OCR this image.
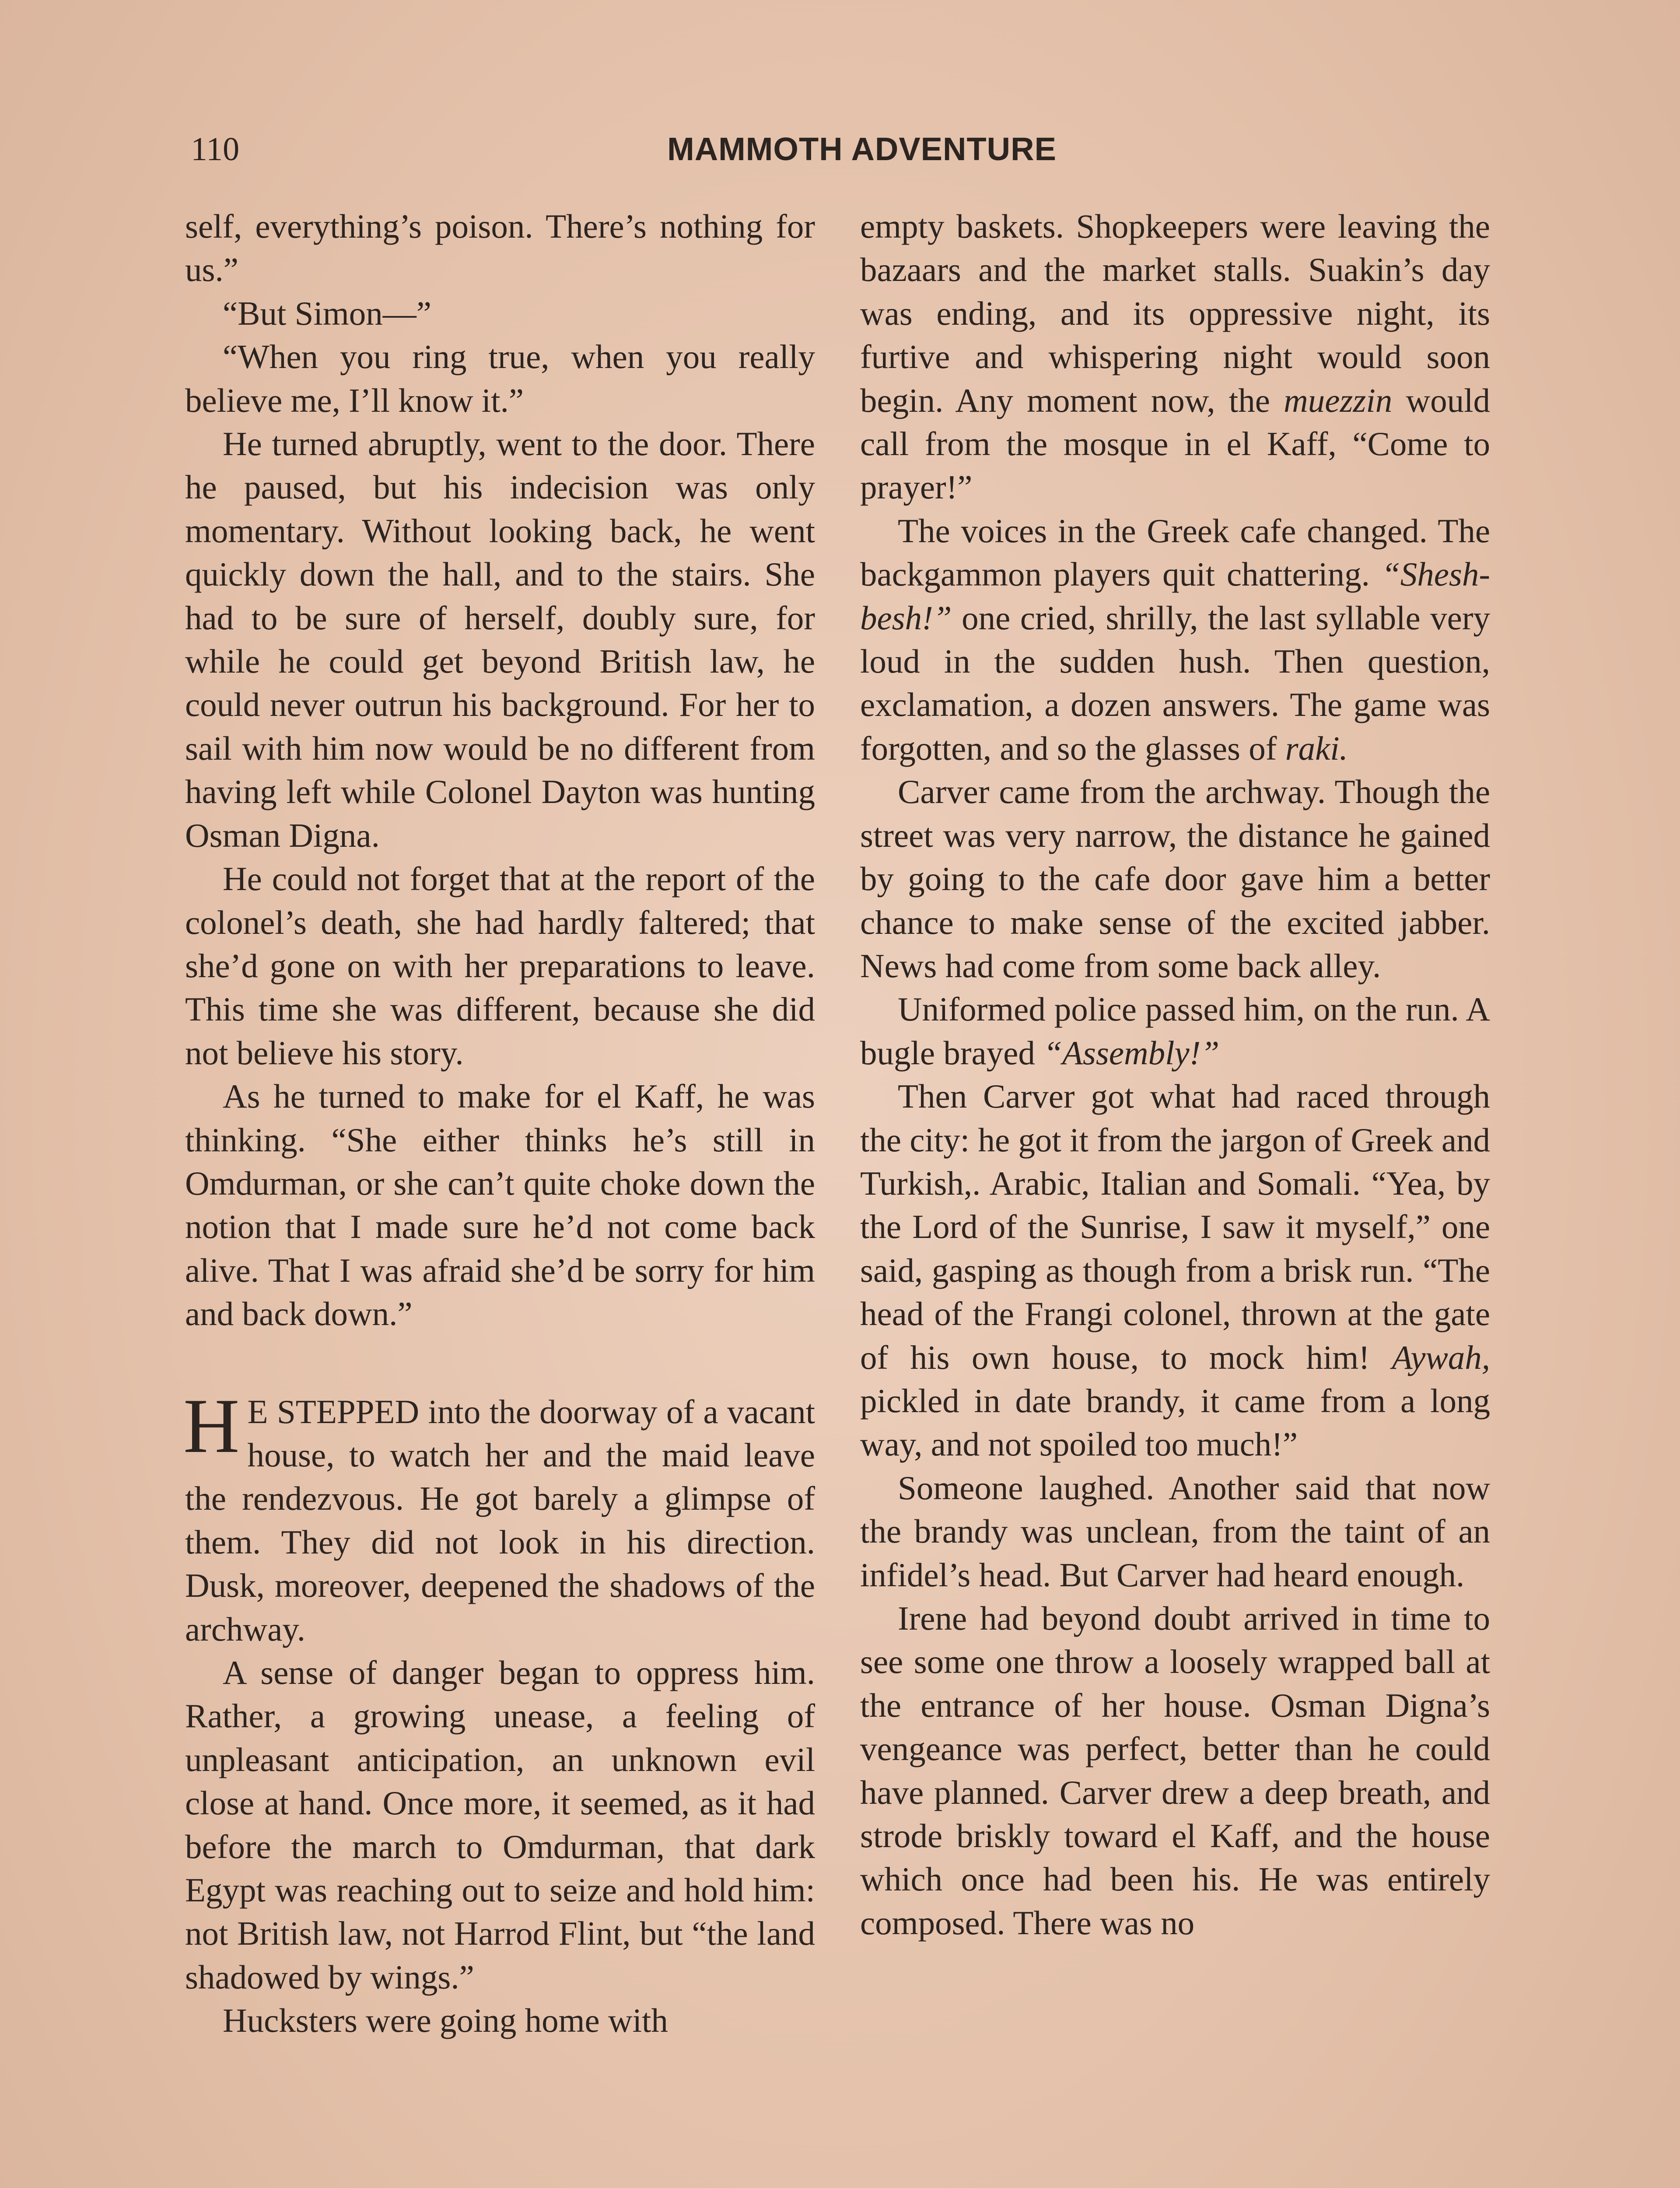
110	MAMMOTH ADVENTURE

self, everything’s poison. There’s nothing for us.”

“But Simon—”

“When you ring true, when you really believe me, I’ll know it.”

He turned abruptly, went to the door. There he paused, but his indecision was only momentary. Without looking back, he went quickly down the hall, and to the stairs. She had to be sure of herself, doubly sure, for while he could get beyond British law, he could never outrun his background. For her to sail with him now would be no different from having left while Colonel Dayton was hunting Osman Digna.

He could not forget that at the report of the colonel’s death, she had hardly faltered; that she’d gone on with her preparations to leave. This time she was different, because she did not believe his story.

As he turned to make for el Kaff, he was thinking. “She either thinks he’s still in Omdurman, or she can’t quite choke down the notion that I made sure he’d not come back alive. That I was afraid she’d be sorry for him and back down.”

H E STEPPED into the doorway of a vacant house, to watch her and the maid leave the rendezvous. He got barely a glimpse of them. They did not look in his direction. Dusk, moreover, deepened the shadows of the archway.

A sense of danger began to oppress him. Rather, a growing unease, a feeling of unpleasant anticipation, an unknown evil close at hand. Once more, it seemed, as it had before the march to Omdurman, that dark Egypt was reaching out to seize and hold him: not British law, not Harrod Flint, but “the land shadowed by wings.”

Hucksters were going home with

empty baskets. Shopkeepers were leaving the bazaars and the market stalls. Suakin’s day was ending, and its oppressive night, its furtive and whispering night would soon begin. Any moment now, the muezzin would call from the mosque in el Kaff, “Come to prayer!”

The voices in the Greek cafe changed. The backgammon players quit chattering. “Shesh-besh!” one cried, shrilly, the last syllable very loud in the sudden hush. Then question, exclamation, a dozen answers. The game was forgotten, and so the glasses of raki.

Carver came from the archway. Though the street was very narrow, the distance he gained by going to the cafe door gave him a better chance to make sense of the excited jabber. News had come from some back alley.

Uniformed police passed him, on the run. A bugle brayed “Assembly!”

Then Carver got what had raced through the city: he got it from the jargon of Greek and Turkish,. Arabic, Italian and Somali. “Yea, by the Lord of the Sunrise, I saw it myself,” one said, gasping as though from a brisk run. “The head of the Frangi colonel, thrown at the gate of his own house, to mock him! Aywah, pickled in date brandy, it came from a long way, and not spoiled too much!”

Someone laughed. Another said that now the brandy was unclean, from the taint of an infidel’s head. But Carver had heard enough.

Irene had beyond doubt arrived in time to see some one throw a loosely wrapped ball at the entrance of her house. Osman Digna’s vengeance was perfect, better than he could have planned. Carver drew a deep breath, and strode briskly toward el Kaff, and the house which once had been his. He was entirely composed. There was no
